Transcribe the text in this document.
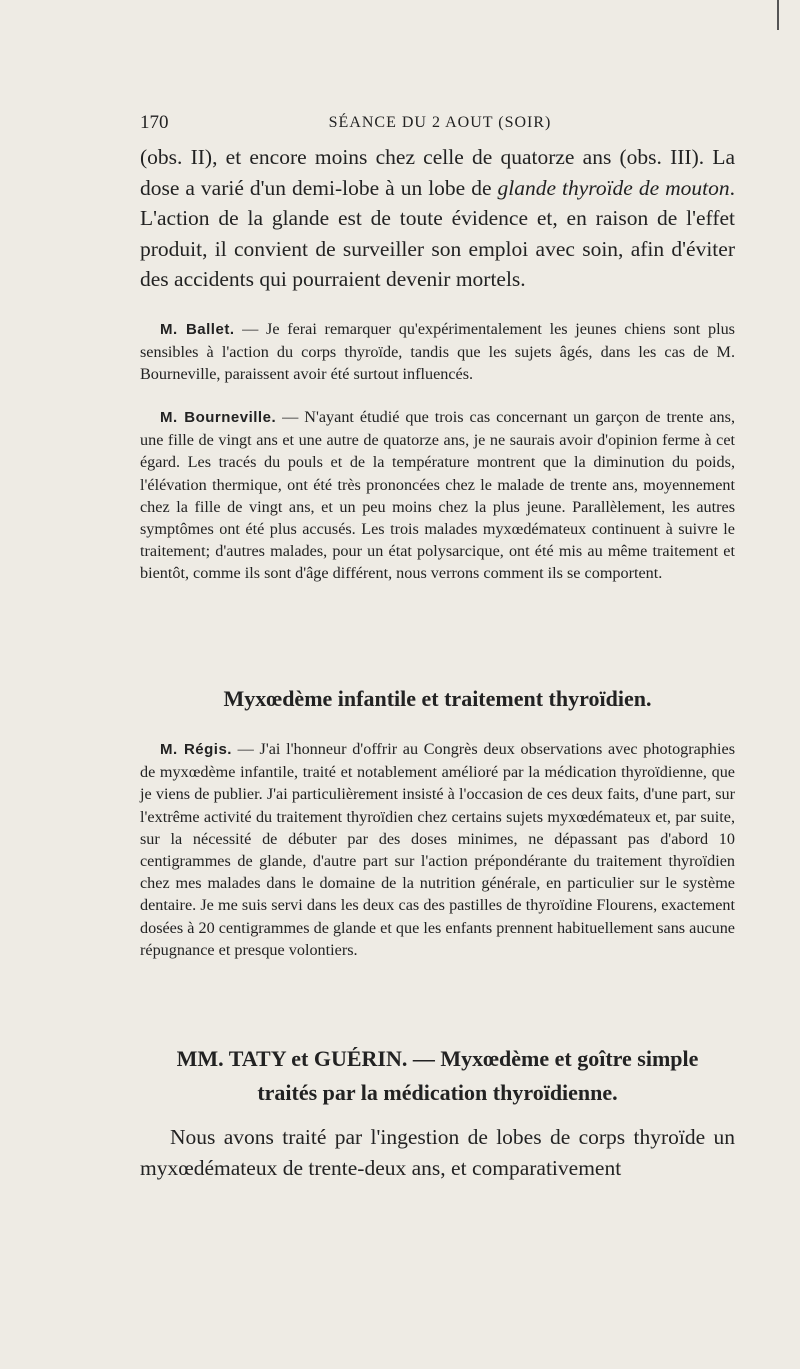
170	SÉANCE DU 2 AOUT (SOIR)

(obs. II), et encore moins chez celle de quatorze ans (obs. III). La dose a varié d'un demi-lobe à un lobe de glande thyroïde de mouton. L'action de la glande est de toute évidence et, en raison de l'effet produit, il convient de surveiller son emploi avec soin, afin d'éviter des accidents qui pourraient devenir mortels.

M. Ballet. — Je ferai remarquer qu'expérimentalement les jeunes chiens sont plus sensibles à l'action du corps thyroïde, tandis que les sujets âgés, dans les cas de M. Bourneville, paraissent avoir été surtout influencés.

M. Bourneville. — N'ayant étudié que trois cas concernant un garçon de trente ans, une fille de vingt ans et une autre de quatorze ans, je ne saurais avoir d'opinion ferme à cet égard. Les tracés du pouls et de la température montrent que la diminution du poids, l'élévation thermique, ont été très prononcées chez le malade de trente ans, moyennement chez la fille de vingt ans, et un peu moins chez la plus jeune. Parallèlement, les autres symptômes ont été plus accusés. Les trois malades myxœdémateux continuent à suivre le traitement; d'autres malades, pour un état polysarcique, ont été mis au même traitement et bientôt, comme ils sont d'âge différent, nous verrons comment ils se comportent.

Myxœdème infantile et traitement thyroïdien.

M. Régis. — J'ai l'honneur d'offrir au Congrès deux observations avec photographies de myxœdème infantile, traité et notablement amélioré par la médication thyroïdienne, que je viens de publier. J'ai particulièrement insisté à l'occasion de ces deux faits, d'une part, sur l'extrême activité du traitement thyroïdien chez certains sujets myxœdémateux et, par suite, sur la nécessité de débuter par des doses minimes, ne dépassant pas d'abord 10 centigrammes de glande, d'autre part sur l'action prépondérante du traitement thyroïdien chez mes malades dans le domaine de la nutrition générale, en particulier sur le système dentaire. Je me suis servi dans les deux cas des pastilles de thyroïdine Flourens, exactement dosées à 20 centigrammes de glande et que les enfants prennent habituellement sans aucune répugnance et presque volontiers.

MM. TATY et GUÉRIN. — Myxœdème et goître simple
traités par la médication thyroïdienne.

Nous avons traité par l'ingestion de lobes de corps thyroïde un myxœdémateux de trente-deux ans, et comparativement
